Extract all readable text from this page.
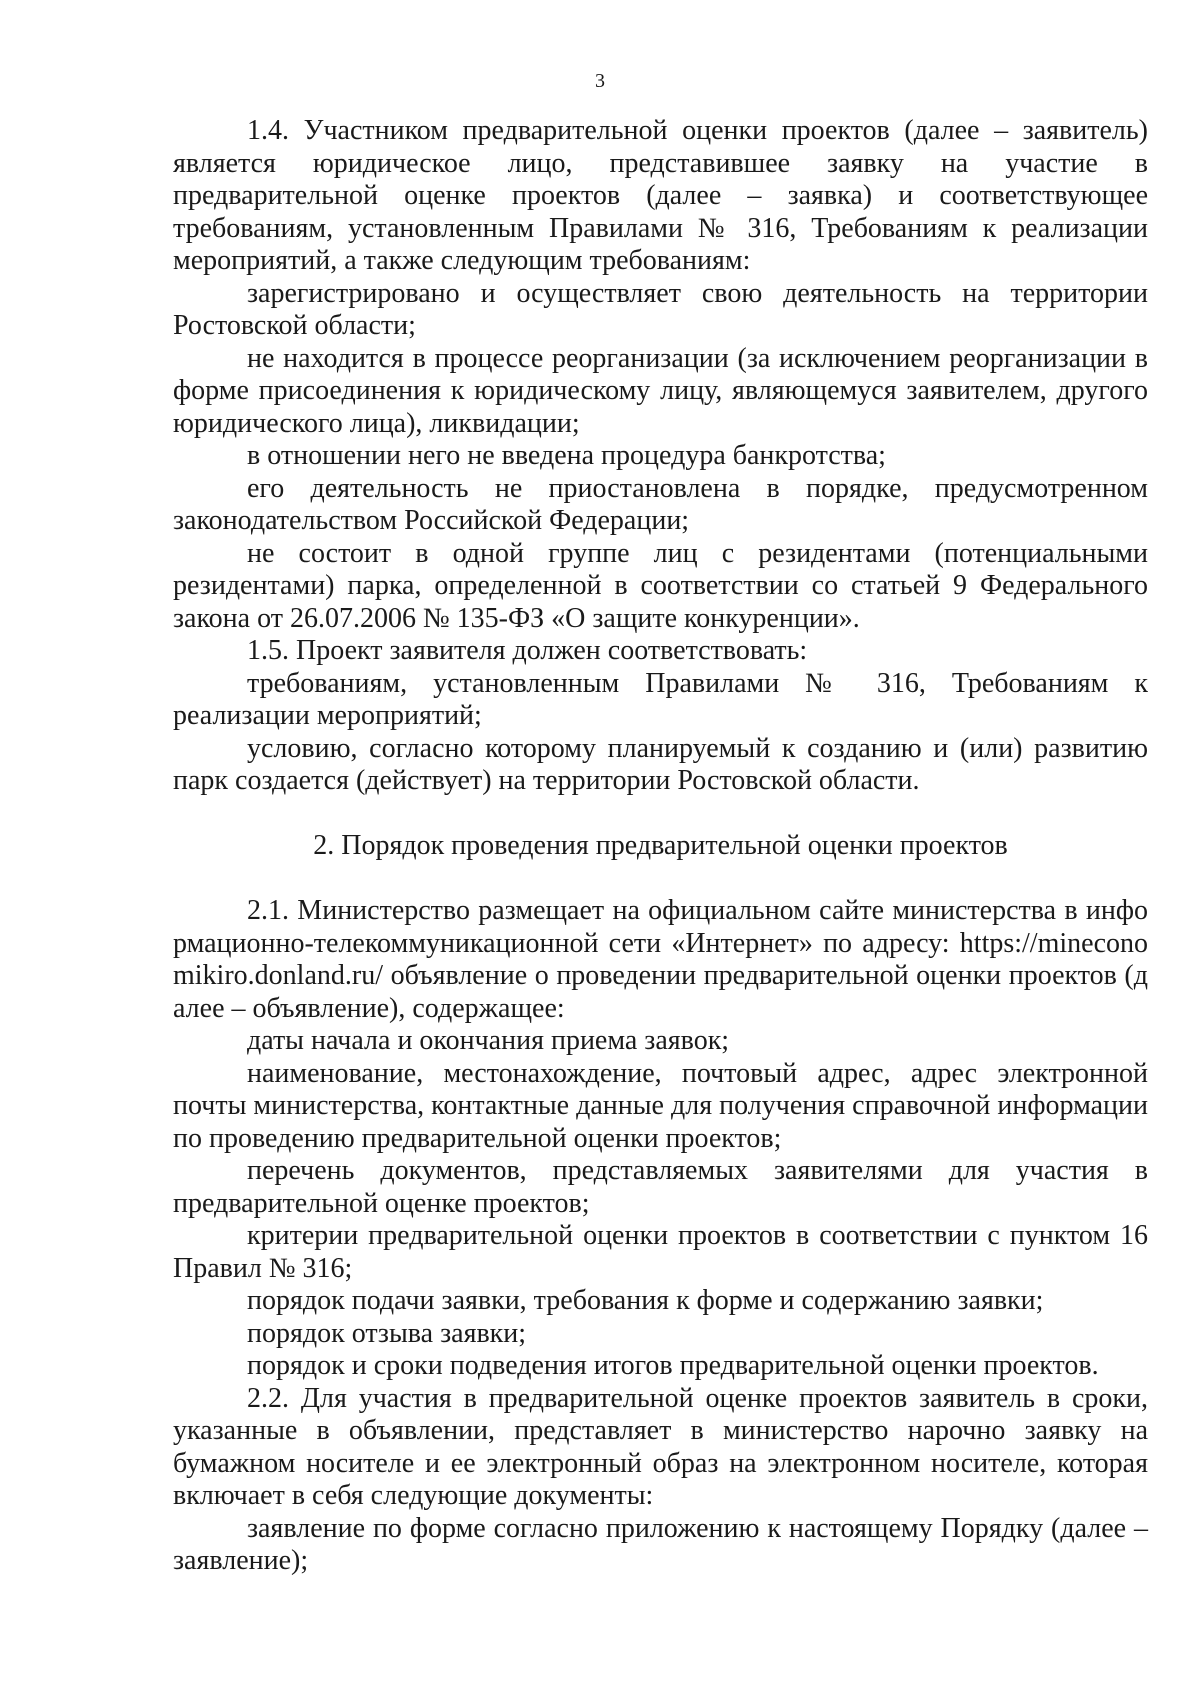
3

1.4. Участником предварительной оценки проектов (далее – заявитель) является юридическое лицо, представившее заявку на участие в предварительной оценке проектов (далее – заявка) и соответствующее требованиям, установленным Правилами № 316, Требованиям к реализации мероприятий, а также следующим требованиям:

зарегистрировано и осуществляет свою деятельность на территории Ростовской области;

не находится в процессе реорганизации (за исключением реорганизации в форме присоединения к юридическому лицу, являющемуся заявителем, другого юридического лица), ликвидации;

в отношении него не введена процедура банкротства;

его деятельность не приостановлена в порядке, предусмотренном законодательством Российской Федерации;

не состоит в одной группе лиц с резидентами (потенциальными резидентами) парка, определенной в соответствии со статьей 9 Федерального закона от 26.07.2006 № 135-ФЗ «О защите конкуренции».

1.5. Проект заявителя должен соответствовать:

требованиям, установленным Правилами № 316, Требованиям к реализации мероприятий;

условию, согласно которому планируемый к созданию и (или) развитию парк создается (действует) на территории Ростовской области.

2. Порядок проведения предварительной оценки проектов

2.1. Министерство размещает на официальном сайте министерства в информационно-телекоммуникационной сети «Интернет» по адресу: https://mineconomikiro.donland.ru/ объявление о проведении предварительной оценки проектов (далее – объявление), содержащее:

даты начала и окончания приема заявок;

наименование, местонахождение, почтовый адрес, адрес электронной почты министерства, контактные данные для получения справочной информации по проведению предварительной оценки проектов;

перечень документов, представляемых заявителями для участия в предварительной оценке проектов;

критерии предварительной оценки проектов в соответствии с пунктом 16 Правил № 316;

порядок подачи заявки, требования к форме и содержанию заявки;

порядок отзыва заявки;

порядок и сроки подведения итогов предварительной оценки проектов.

2.2. Для участия в предварительной оценке проектов заявитель в сроки, указанные в объявлении, представляет в министерство нарочно заявку на бумажном носителе и ее электронный образ на электронном носителе, которая включает в себя следующие документы:

заявление по форме согласно приложению к настоящему Порядку (далее – заявление);
